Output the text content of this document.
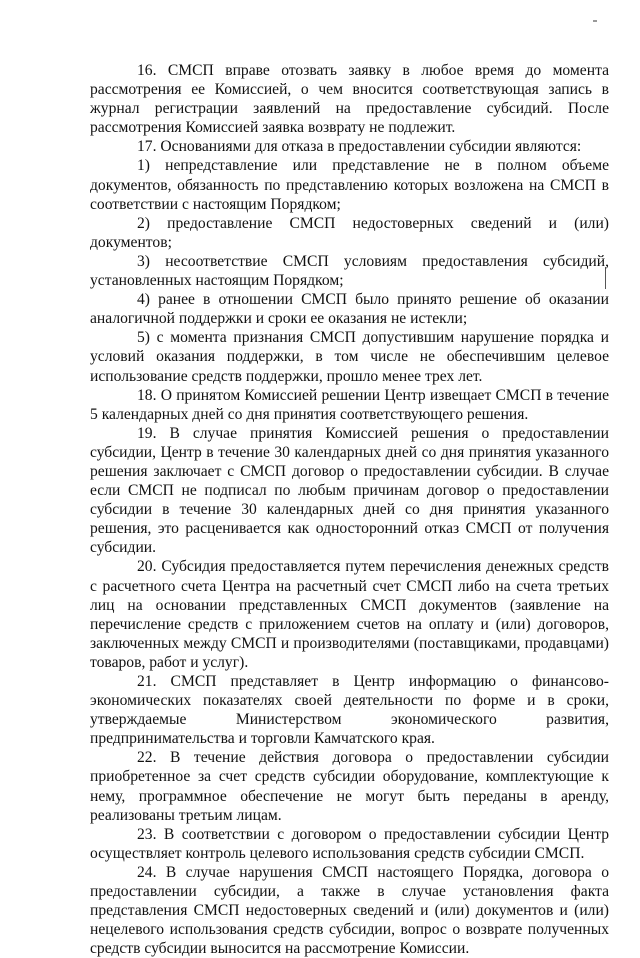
16. СМСП вправе отозвать заявку в любое время до момента рассмотрения ее Комиссией, о чем вносится соответствующая запись в журнал регистрации заявлений на предоставление субсидий. После рассмотрения Комиссией заявка возврату не подлежит.

17. Основаниями для отказа в предоставлении субсидии являются:

1) непредставление или представление не в полном объеме документов, обязанность по представлению которых возложена на СМСП в соответствии с настоящим Порядком;

2) предоставление СМСП недостоверных сведений и (или) документов;

3) несоответствие СМСП условиям предоставления субсидий, установленных настоящим Порядком;

4) ранее в отношении СМСП было принято решение об оказании аналогичной поддержки и сроки ее оказания не истекли;

5) с момента признания СМСП допустившим нарушение порядка и условий оказания поддержки, в том числе не обеспечившим целевое использование средств поддержки, прошло менее трех лет.

18. О принятом Комиссией решении Центр извещает СМСП в течение 5 календарных дней со дня принятия соответствующего решения.

19. В случае принятия Комиссией решения о предоставлении субсидии, Центр в течение 30 календарных дней со дня принятия указанного решения заключает с СМСП договор о предоставлении субсидии. В случае если СМСП не подписал по любым причинам договор о предоставлении субсидии в течение 30 календарных дней со дня принятия указанного решения, это расценивается как односторонний отказ СМСП от получения субсидии.

20. Субсидия предоставляется путем перечисления денежных средств с расчетного счета Центра на расчетный счет СМСП либо на счета третьих лиц на основании представленных СМСП документов (заявление на перечисление средств с приложением счетов на оплату и (или) договоров, заключенных между СМСП и производителями (поставщиками, продавцами) товаров, работ и услуг).

21. СМСП представляет в Центр информацию о финансово-экономических показателях своей деятельности по форме и в сроки, утверждаемые Министерством экономического развития, предпринимательства и торговли Камчатского края.

22. В течение действия договора о предоставлении субсидии приобретенное за счет средств субсидии оборудование, комплектующие к нему, программное обеспечение не могут быть переданы в аренду, реализованы третьим лицам.

23. В соответствии с договором о предоставлении субсидии Центр осуществляет контроль целевого использования средств субсидии СМСП.

24. В случае нарушения СМСП настоящего Порядка, договора о предоставлении субсидии, а также в случае установления факта представления СМСП недостоверных сведений и (или) документов и (или) нецелевого использования средств субсидии, вопрос о возврате полученных средств субсидии выносится на рассмотрение Комиссии.
